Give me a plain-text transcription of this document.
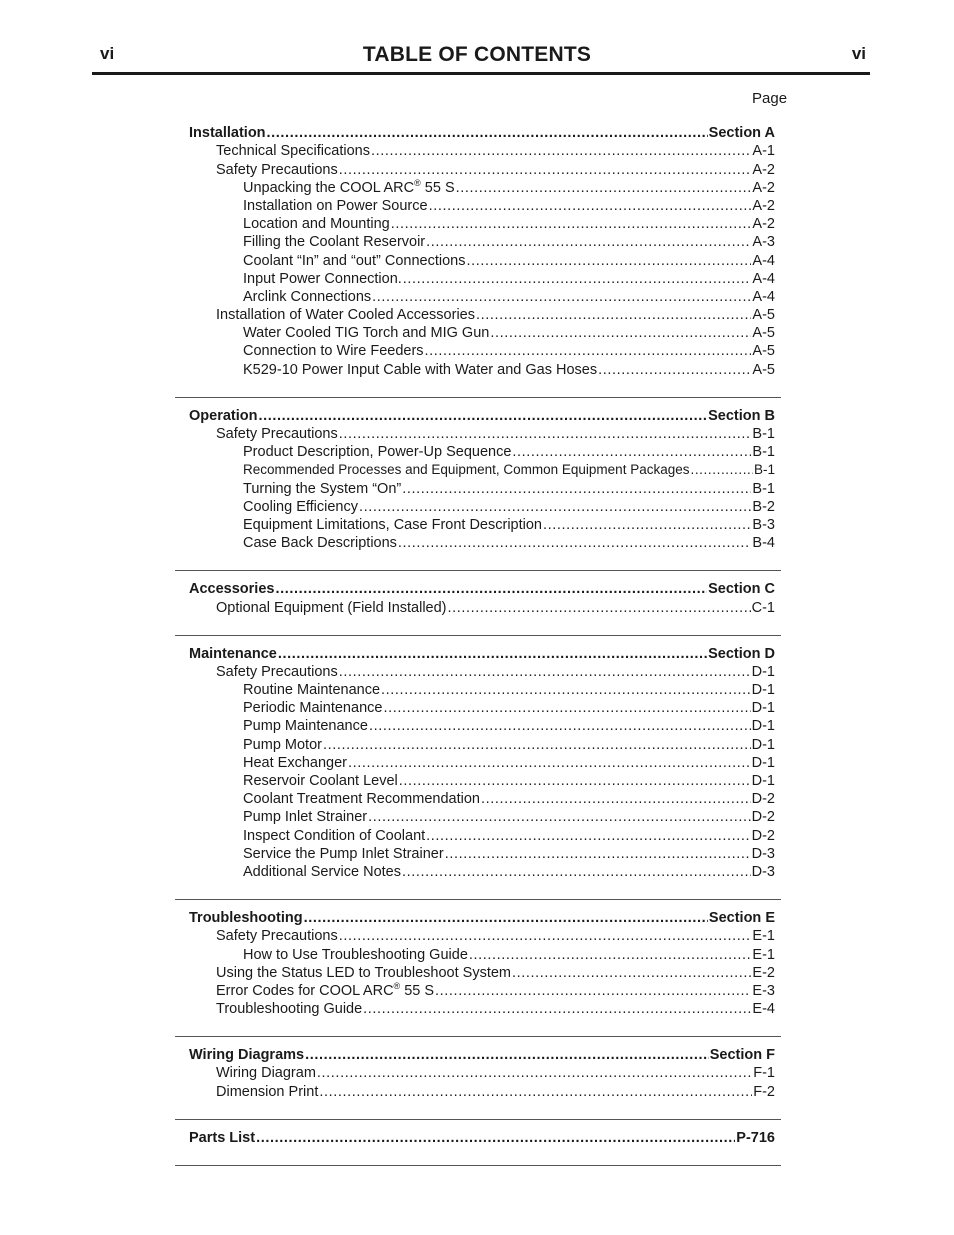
vi	TABLE OF CONTENTS	vi
Page
Installation .....	Section A
Technical Specifications .....	A-1
Safety Precautions .....	A-2
Unpacking the COOL ARC® 55 S .....	A-2
Installation on Power Source .....	A-2
Location and Mounting .....	A-2
Filling the Coolant Reservoir .....	A-3
Coolant “In” and “out” Connections .....	A-4
Input Power Connection. .....	A-4
Arclink Connections .....	A-4
Installation of Water Cooled Accessories .....	A-5
Water Cooled TIG Torch and MIG Gun .....	A-5
Connection to Wire Feeders .....	A-5
K529-10 Power Input Cable with Water and Gas Hoses .....	A-5
Operation .....	Section B
Safety Precautions .....	B-1
Product Description, Power-Up Sequence .....	B-1
Recommended Processes and Equipment, Common Equipment Packages .....	B-1
Turning the System “On” .....	B-1
Cooling Efficiency .....	B-2
Equipment Limitations, Case Front Description .....	B-3
Case Back Descriptions .....	B-4
Accessories .....	Section C
Optional Equipment (Field Installed) .....	C-1
Maintenance .....	Section D
Safety Precautions .....	D-1
Routine Maintenance .....	D-1
Periodic Maintenance .....	D-1
Pump Maintenance .....	D-1
Pump Motor .....	D-1
Heat Exchanger .....	D-1
Reservoir Coolant Level .....	D-1
Coolant Treatment Recommendation .....	D-2
Pump Inlet Strainer .....	D-2
Inspect Condition of Coolant .....	D-2
Service the Pump Inlet Strainer .....	D-3
Additional Service Notes .....	D-3
Troubleshooting .....	Section E
Safety Precautions .....	E-1
How to Use Troubleshooting Guide .....	E-1
Using the Status LED to Troubleshoot System .....	E-2
Error Codes for COOL ARC® 55 S .....	E-3
Troubleshooting Guide .....	E-4
Wiring Diagrams .....	Section F
Wiring Diagram .....	F-1
Dimension Print .....	F-2
Parts List .....	P-716
